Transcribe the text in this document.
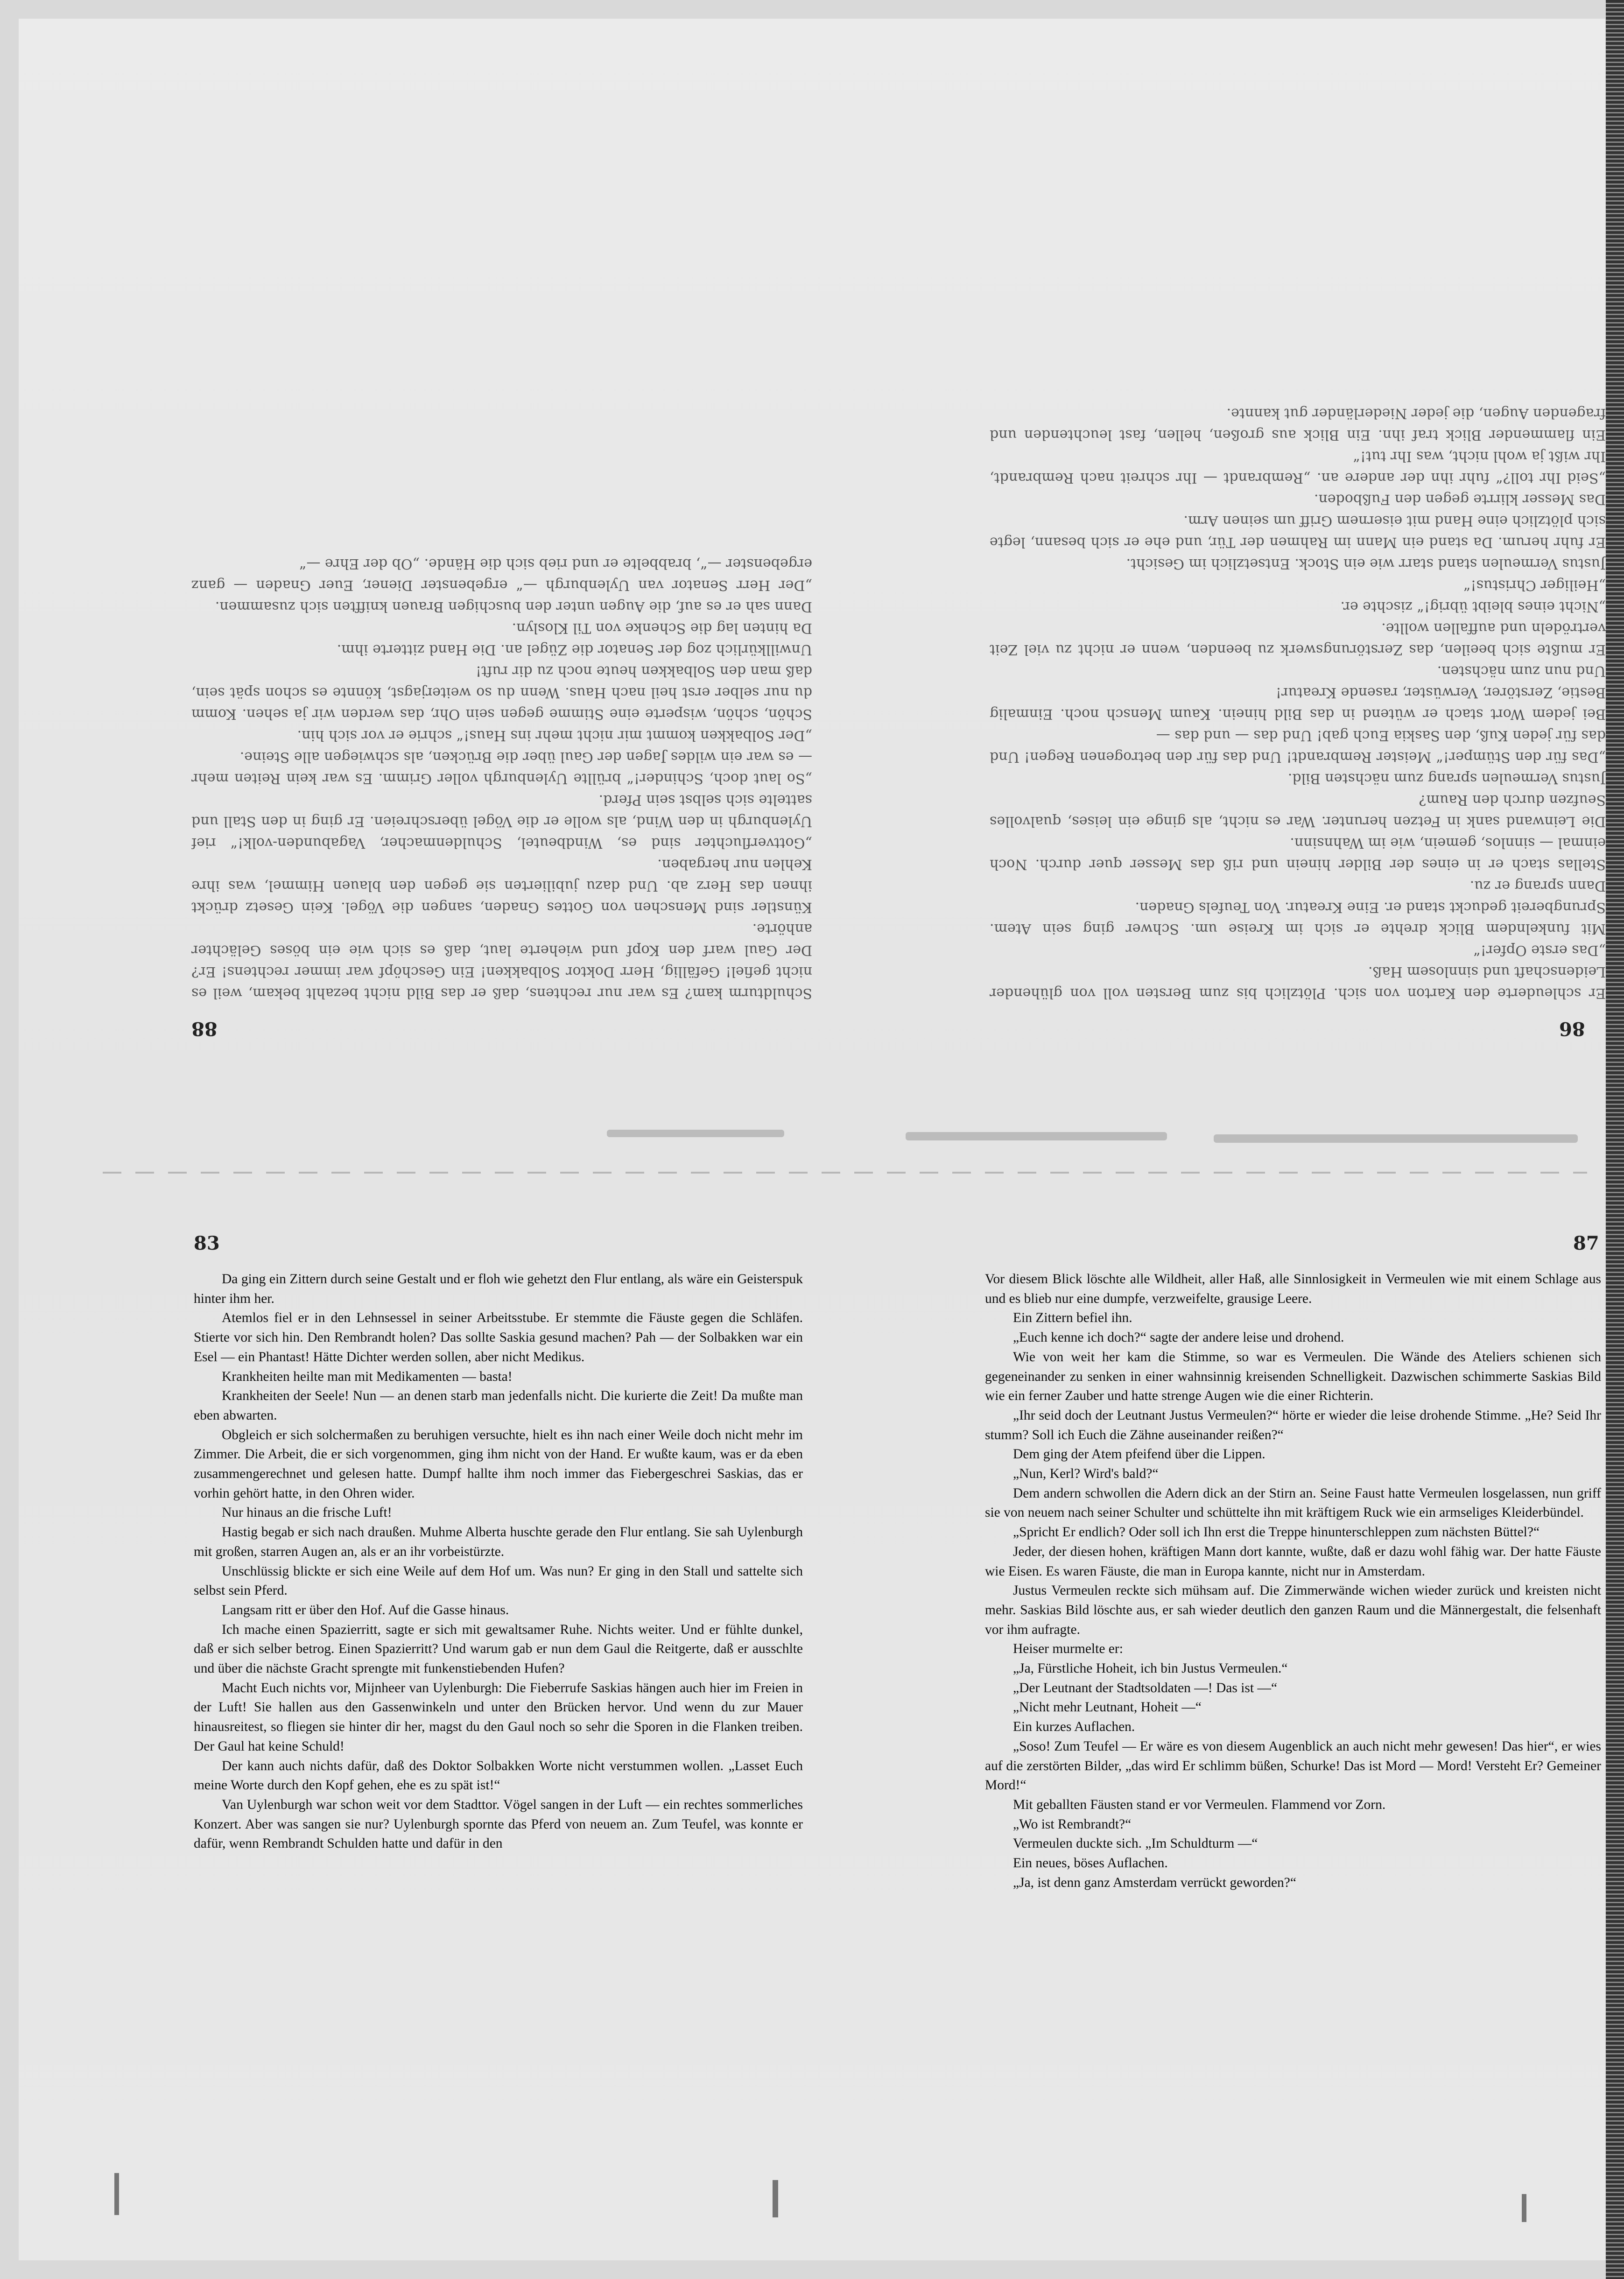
88

Schuldturm kam? Es war nur rechtens, daß er das Bild nicht bezahlt bekam, weil es nicht gefiel! Gefällig, Herr Doktor Solbakken! Ein Geschöpf war immer rechtens! Er? Der Gaul warf den Kopf und wieherte laut, daß es sich wie ein böses Gelächter anhörte.

Künstler sind Menschen von Gottes Gnaden, sangen die Vögel. Kein Gesetz drückt ihnen das Herz ab. Und dazu jubilierten sie gegen den blauen Himmel, was ihre Kehlen nur hergaben.

„Gottverfluchter sind es, Windbeutel, Schuldenmacher, Vagabunden-volk!“ rief Uylenburgh in den Wind, als wolle er die Vögel überschreien. Er ging in den Stall und sattelte sich selbst sein Pferd.

„So laut doch, Schinder!“ brüllte Uylenburgh voller Grimm. Es war kein Reiten mehr — es war ein wildes Jagen der Gaul über die Brücken, als schwiegen alle Steine.

„Der Solbakken kommt mir nicht mehr ins Haus!“ schrie er vor sich hin.

Schön, schön, wisperte eine Stimme gegen sein Ohr, das werden wir ja sehen. Komm du nur selber erst heil nach Haus. Wenn du so weiterjagst, könnte es schon spät sein, daß man den Solbakken heute noch zu dir ruft!

Unwillkürlich zog der Senator die Zügel an. Die Hand zitterte ihm.

Da hinten lag die Schenke von Til Kloslyn.

Dann sah er es auf, die Augen unter den buschigen Brauen knifften sich zusammen.

„Der Herr Senator van Uylenburgh —“ ergebenster Diener, Euer Gnaden — ganz ergebenster —“, brabbelte er und rieb sich die Hände. „Ob der Ehre —“

86

Er schleuderte den Karton von sich. Plötzlich bis zum Bersten voll von glühender Leidenschaft und sinnlosem Haß.

„Das erste Opfer!“

Mit funkelndem Blick drehte er sich im Kreise um. Schwer ging sein Atem. Sprungbereit geduckt stand er. Eine Kreatur. Von Teufels Gnaden.

Dann sprang er zu.

Stellas stach er in eines der Bilder hinein und riß das Messer quer durch. Noch einmal — sinnlos, gemein, wie im Wahnsinn.

Die Leinwand sank in Fetzen herunter. War es nicht, als ginge ein leises, qualvolles Seufzen durch den Raum?

Justus Vermeulen sprang zum nächsten Bild.

„Das für den Stümper!“ Meister Rembrandt! Und das für den betrogenen Regen! Und das für jeden Kuß, den Saskia Euch gab! Und das — und das —

Bei jedem Wort stach er wütend in das Bild hinein. Kaum Mensch noch. Einmalig Bestie, Zerstörer, Verwüster, rasende Kreatur!

Und nun zum nächsten.

Er mußte sich beeilen, das Zerstörungswerk zu beenden, wenn er nicht zu viel Zeit vertrödeln und auffallen wollte.

„Nicht eines bleibt übrig!“ zischte er.

„Heiliger Christus!“

Justus Vermeulen stand starr wie ein Stock. Entsetzlich im Gesicht.

Er fuhr herum. Da stand ein Mann im Rahmen der Tür, und ehe er sich besann, legte sich plötzlich eine Hand mit eisernem Griff um seinen Arm.

Das Messer klirrte gegen den Fußboden.

„Seid Ihr toll?“ fuhr ihn der andere an. „Rembrandt — Ihr schreit nach Rembrandt, Ihr wißt ja wohl nicht, was Ihr tut!“

Ein flammender Blick traf ihn. Ein Blick aus großen, hellen, fast leuchtenden und fragenden Augen, die jeder Niederländer gut kannte.

83

Da ging ein Zittern durch seine Gestalt und er floh wie gehetzt den Flur entlang, als wäre ein Geisterspuk hinter ihm her.

Atemlos fiel er in den Lehnsessel in seiner Arbeitsstube. Er stemmte die Fäuste gegen die Schläfen. Stierte vor sich hin. Den Rembrandt holen? Das sollte Saskia gesund machen? Pah — der Solbakken war ein Esel — ein Phantast! Hätte Dichter werden sollen, aber nicht Medikus.

Krankheiten heilte man mit Medikamenten — basta!

Krankheiten der Seele! Nun — an denen starb man jedenfalls nicht. Die kurierte die Zeit! Da mußte man eben abwarten.

Obgleich er sich solchermaßen zu beruhigen versuchte, hielt es ihn nach einer Weile doch nicht mehr im Zimmer. Die Arbeit, die er sich vorgenommen, ging ihm nicht von der Hand. Er wußte kaum, was er da eben zusammengerechnet und gelesen hatte. Dumpf hallte ihm noch immer das Fiebergeschrei Saskias, das er vorhin gehört hatte, in den Ohren wider.

Nur hinaus an die frische Luft!

Hastig begab er sich nach draußen. Muhme Alberta huschte gerade den Flur entlang. Sie sah Uylenburgh mit großen, starren Augen an, als er an ihr vorbeistürzte.

Unschlüssig blickte er sich eine Weile auf dem Hof um. Was nun? Er ging in den Stall und sattelte sich selbst sein Pferd.

Langsam ritt er über den Hof. Auf die Gasse hinaus.

Ich mache einen Spazierritt, sagte er sich mit gewaltsamer Ruhe. Nichts weiter. Und er fühlte dunkel, daß er sich selber betrog. Einen Spazierritt? Und warum gab er nun dem Gaul die Reitgerte, daß er ausschlte und über die nächste Gracht sprengte mit funkenstiebenden Hufen?

Macht Euch nichts vor, Mijnheer van Uylenburgh: Die Fieberrufe Saskias hängen auch hier im Freien in der Luft! Sie hallen aus den Gassenwinkeln und unter den Brücken hervor. Und wenn du zur Mauer hinausreitest, so fliegen sie hinter dir her, magst du den Gaul noch so sehr die Sporen in die Flanken treiben. Der Gaul hat keine Schuld!

Der kann auch nichts dafür, daß des Doktor Solbakken Worte nicht verstummen wollen. „Lasset Euch meine Worte durch den Kopf gehen, ehe es zu spät ist!“

Van Uylenburgh war schon weit vor dem Stadttor. Vögel sangen in der Luft — ein rechtes sommerliches Konzert. Aber was sangen sie nur? Uylenburgh spornte das Pferd von neuem an. Zum Teufel, was konnte er dafür, wenn Rembrandt Schulden hatte und dafür in den

87

Vor diesem Blick löschte alle Wildheit, aller Haß, alle Sinnlosigkeit in Vermeulen wie mit einem Schlage aus und es blieb nur eine dumpfe, verzweifelte, grausige Leere.

Ein Zittern befiel ihn.

„Euch kenne ich doch?“ sagte der andere leise und drohend.

Wie von weit her kam die Stimme, so war es Vermeulen. Die Wände des Ateliers schienen sich gegeneinander zu senken in einer wahnsinnig kreisenden Schnelligkeit. Dazwischen schimmerte Saskias Bild wie ein ferner Zauber und hatte strenge Augen wie die einer Richterin.

„Ihr seid doch der Leutnant Justus Vermeulen?“ hörte er wieder die leise drohende Stimme. „He? Seid Ihr stumm? Soll ich Euch die Zähne auseinander reißen?“

Dem ging der Atem pfeifend über die Lippen.

„Nun, Kerl? Wird's bald?“

Dem andern schwollen die Adern dick an der Stirn an. Seine Faust hatte Vermeulen losgelassen, nun griff sie von neuem nach seiner Schulter und schüttelte ihn mit kräftigem Ruck wie ein armseliges Kleiderbündel.

„Spricht Er endlich? Oder soll ich Ihn erst die Treppe hinunterschleppen zum nächsten Büttel?“

Jeder, der diesen hohen, kräftigen Mann dort kannte, wußte, daß er dazu wohl fähig war. Der hatte Fäuste wie Eisen. Es waren Fäuste, die man in Europa kannte, nicht nur in Amsterdam.

Justus Vermeulen reckte sich mühsam auf. Die Zimmerwände wichen wieder zurück und kreisten nicht mehr. Saskias Bild löschte aus, er sah wieder deutlich den ganzen Raum und die Männergestalt, die felsenhaft vor ihm aufragte.

Heiser murmelte er:

„Ja, Fürstliche Hoheit, ich bin Justus Vermeulen.“

„Der Leutnant der Stadtsoldaten —! Das ist —“

„Nicht mehr Leutnant, Hoheit —“

Ein kurzes Auflachen.

„Soso! Zum Teufel — Er wäre es von diesem Augenblick an auch nicht mehr gewesen! Das hier“, er wies auf die zerstörten Bilder, „das wird Er schlimm büßen, Schurke! Das ist Mord — Mord! Versteht Er? Gemeiner Mord!“

Mit geballten Fäusten stand er vor Vermeulen. Flammend vor Zorn.

„Wo ist Rembrandt?“

Vermeulen duckte sich. „Im Schuldturm —“

Ein neues, böses Auflachen.

„Ja, ist denn ganz Amsterdam verrückt geworden?“
